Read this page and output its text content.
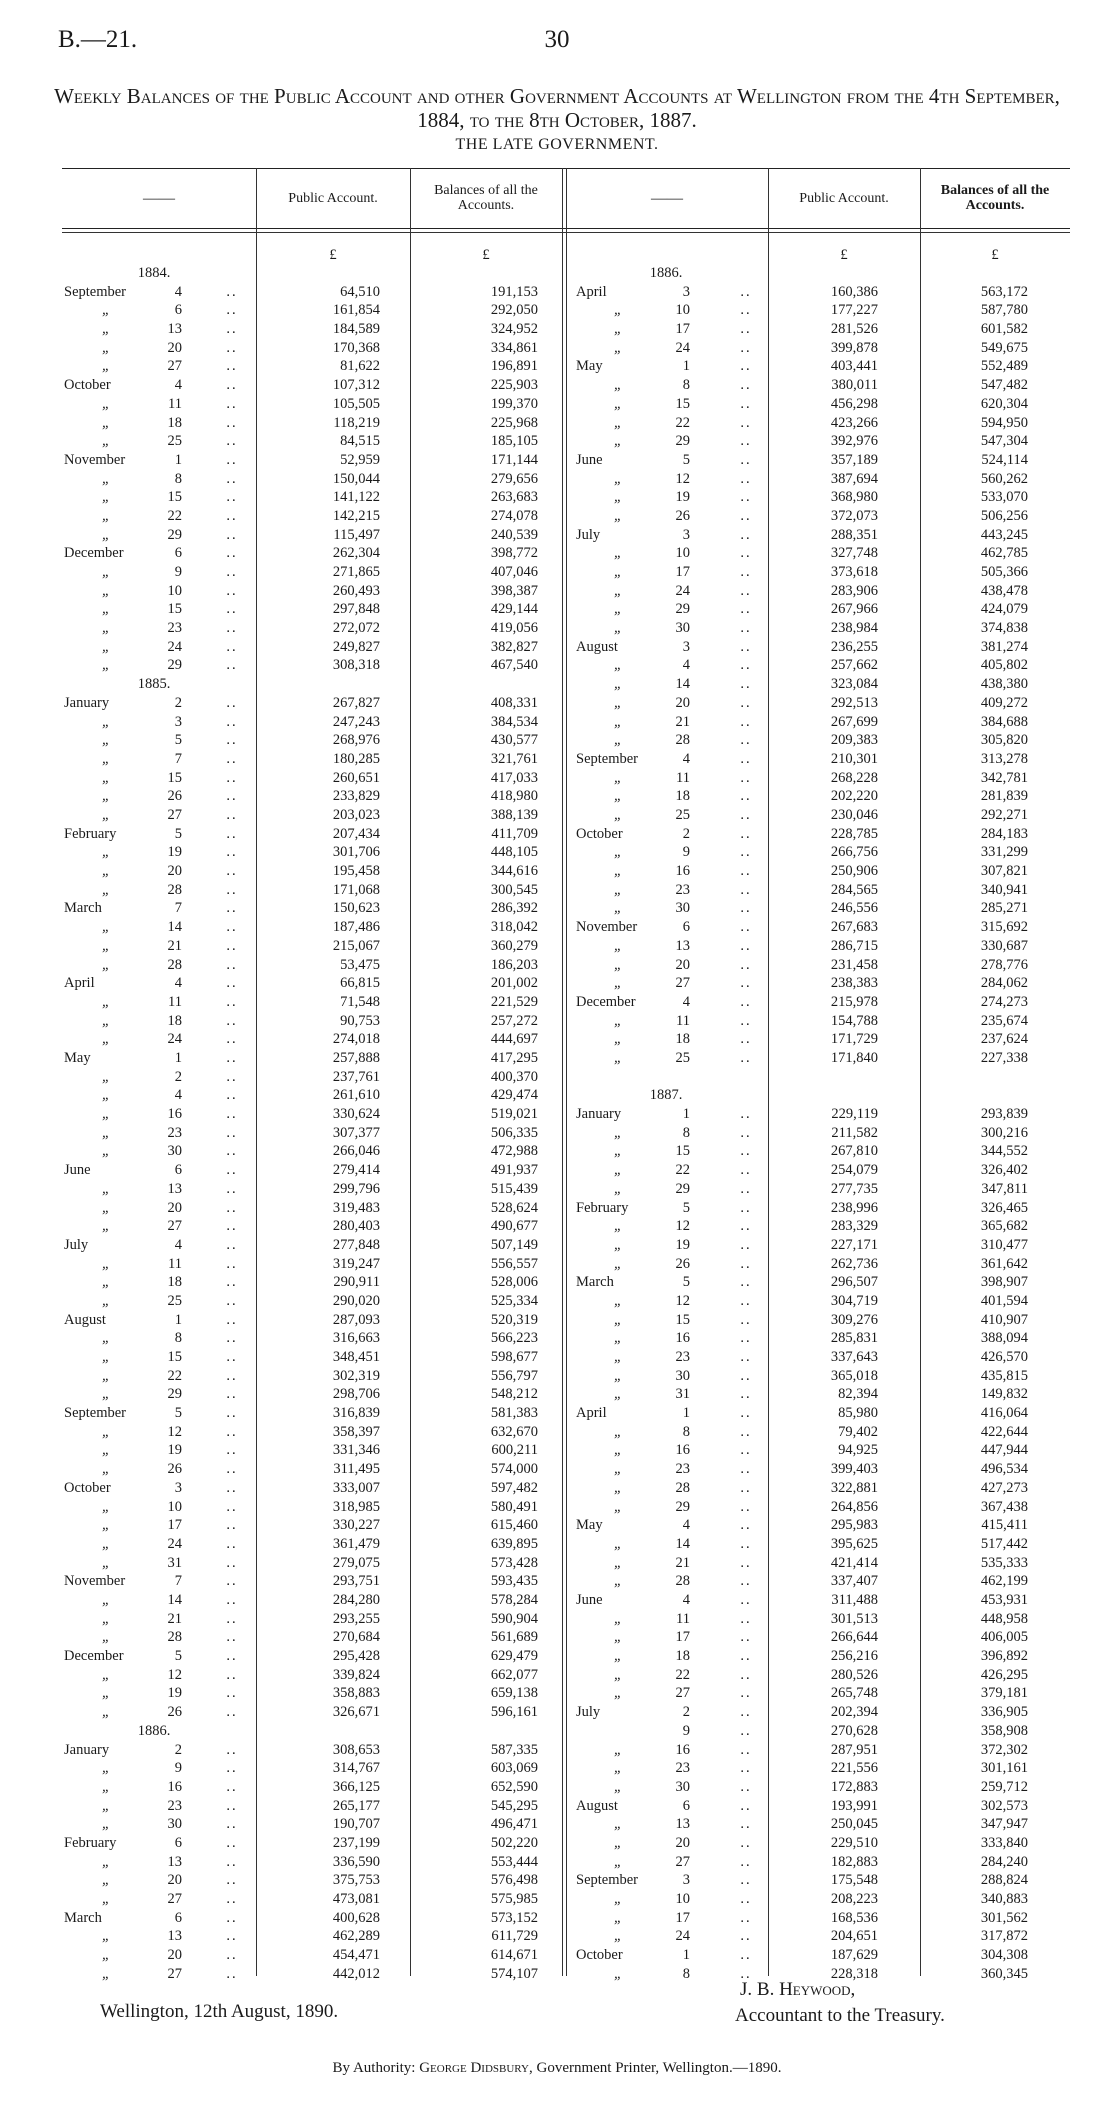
B.—21.	30
Weekly Balances of the Public Account and other Government Accounts at Wellington from the 4th September, 1884, to the 8th October, 1887.
THE LATE GOVERNMENT.
——	Public Account.	Balances of all the Accounts.	——	Public Account.	Balances of all the Accounts.
£	£	£	£
1884.
September	4	..	64,510	191,153
„	6	..	161,854	292,050
„	13	..	184,589	324,952
„	20	..	170,368	334,861
„	27	..	81,622	196,891
October	4	..	107,312	225,903
„	11	..	105,505	199,370
„	18	..	118,219	225,968
„	25	..	84,515	185,105
November	1	..	52,959	171,144
„	8	..	150,044	279,656
„	15	..	141,122	263,683
„	22	..	142,215	274,078
„	29	..	115,497	240,539
December	6	..	262,304	398,772
„	9	..	271,865	407,046
„	10	..	260,493	398,387
„	15	..	297,848	429,144
„	23	..	272,072	419,056
„	24	..	249,827	382,827
„	29	..	308,318	467,540
1885.
January	2	..	267,827	408,331
„	3	..	247,243	384,534
„	5	..	268,976	430,577
„	7	..	180,285	321,761
„	15	..	260,651	417,033
„	26	..	233,829	418,980
„	27	..	203,023	388,139
February	5	..	207,434	411,709
„	19	..	301,706	448,105
„	20	..	195,458	344,616
„	28	..	171,068	300,545
March	7	..	150,623	286,392
„	14	..	187,486	318,042
„	21	..	215,067	360,279
„	28	..	53,475	186,203
April	4	..	66,815	201,002
„	11	..	71,548	221,529
„	18	..	90,753	257,272
„	24	..	274,018	444,697
May	1	..	257,888	417,295
„	2	..	237,761	400,370
„	4	..	261,610	429,474
„	16	..	330,624	519,021
„	23	..	307,377	506,335
„	30	..	266,046	472,988
June	6	..	279,414	491,937
„	13	..	299,796	515,439
„	20	..	319,483	528,624
„	27	..	280,403	490,677
July	4	..	277,848	507,149
„	11	..	319,247	556,557
„	18	..	290,911	528,006
„	25	..	290,020	525,334
August	1	..	287,093	520,319
„	8	..	316,663	566,223
„	15	..	348,451	598,677
„	22	..	302,319	556,797
„	29	..	298,706	548,212
September	5	..	316,839	581,383
„	12	..	358,397	632,670
„	19	..	331,346	600,211
„	26	..	311,495	574,000
October	3	..	333,007	597,482
„	10	..	318,985	580,491
„	17	..	330,227	615,460
„	24	..	361,479	639,895
„	31	..	279,075	573,428
November	7	..	293,751	593,435
„	14	..	284,280	578,284
„	21	..	293,255	590,904
„	28	..	270,684	561,689
December	5	..	295,428	629,479
„	12	..	339,824	662,077
„	19	..	358,883	659,138
„	26	..	326,671	596,161
1886.
January	2	..	308,653	587,335
„	9	..	314,767	603,069
„	16	..	366,125	652,590
„	23	..	265,177	545,295
„	30	..	190,707	496,471
February	6	..	237,199	502,220
„	13	..	336,590	553,444
„	20	..	375,753	576,498
„	27	..	473,081	575,985
March	6	..	400,628	573,152
„	13	..	462,289	611,729
„	20	..	454,471	614,671
„	27	..	442,012	574,107
1886.
April	3	..	160,386	563,172
„	10	..	177,227	587,780
„	17	..	281,526	601,582
„	24	..	399,878	549,675
May	1	..	403,441	552,489
„	8	..	380,011	547,482
„	15	..	456,298	620,304
„	22	..	423,266	594,950
„	29	..	392,976	547,304
June	5	..	357,189	524,114
„	12	..	387,694	560,262
„	19	..	368,980	533,070
„	26	..	372,073	506,256
July	3	..	288,351	443,245
„	10	..	327,748	462,785
„	17	..	373,618	505,366
„	24	..	283,906	438,478
„	29	..	267,966	424,079
„	30	..	238,984	374,838
August	3	..	236,255	381,274
„	4	..	257,662	405,802
„	14	..	323,084	438,380
„	20	..	292,513	409,272
„	21	..	267,699	384,688
„	28	..	209,383	305,820
September	4	..	210,301	313,278
„	11	..	268,228	342,781
„	18	..	202,220	281,839
„	25	..	230,046	292,271
October	2	..	228,785	284,183
„	9	..	266,756	331,299
„	16	..	250,906	307,821
„	23	..	284,565	340,941
„	30	..	246,556	285,271
November	6	..	267,683	315,692
„	13	..	286,715	330,687
„	20	..	231,458	278,776
„	27	..	238,383	284,062
December	4	..	215,978	274,273
„	11	..	154,788	235,674
„	18	..	171,729	237,624
„	25	..	171,840	227,338
1887.
January	1	..	229,119	293,839
„	8	..	211,582	300,216
„	15	..	267,810	344,552
„	22	..	254,079	326,402
„	29	..	277,735	347,811
February	5	..	238,996	326,465
„	12	..	283,329	365,682
„	19	..	227,171	310,477
„	26	..	262,736	361,642
March	5	..	296,507	398,907
„	12	..	304,719	401,594
„	15	..	309,276	410,907
„	16	..	285,831	388,094
„	23	..	337,643	426,570
„	30	..	365,018	435,815
„	31	..	82,394	149,832
April	1	..	85,980	416,064
„	8	..	79,402	422,644
„	16	..	94,925	447,944
„	23	..	399,403	496,534
„	28	..	322,881	427,273
„	29	..	264,856	367,438
May	4	..	295,983	415,411
„	14	..	395,625	517,442
„	21	..	421,414	535,333
„	28	..	337,407	462,199
June	4	..	311,488	453,931
„	11	..	301,513	448,958
„	17	..	266,644	406,005
„	18	..	256,216	396,892
„	22	..	280,526	426,295
„	27	..	265,748	379,181
July	2	..	202,394	336,905
9	..	270,628	358,908
„	16	..	287,951	372,302
„	23	..	221,556	301,161
„	30	..	172,883	259,712
August	6	..	193,991	302,573
„	13	..	250,045	347,947
„	20	..	229,510	333,840
„	27	..	182,883	284,240
September	3	..	175,548	288,824
„	10	..	208,223	340,883
„	17	..	168,536	301,562
„	24	..	204,651	317,872
October	1	..	187,629	304,308
„	8	..	228,318	360,345
Wellington, 12th August, 1890.
J. B. Heywood,
Accountant to the Treasury.
By Authority: George Didsbury, Government Printer, Wellington.—1890.
